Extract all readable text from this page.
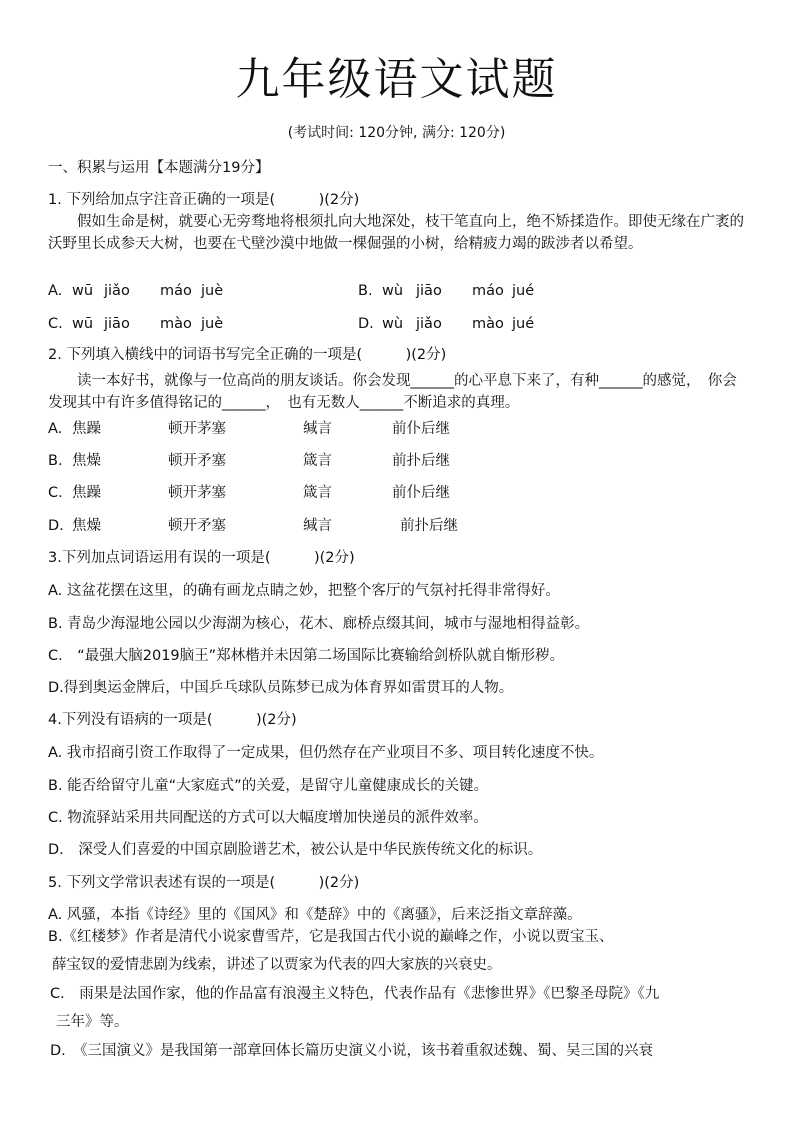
九年级语文试题
(考试时间: 120分钟, 满分: 120分)
一、积累与运用【本题满分19分】
1. 下列给加点字注音正确的一项是(　　　)(2分)
假如生命是树，就要心无旁骛地将根须扎向大地深处，枝干笔直向上，绝不矫揉造作。即使无缘在广袤的沃野里长成参天大树，也要在弋壁沙漠中地做一棵倔强的小树，给精疲力竭的跋涉者以希望。
A. wū jiǎo máo juè	B. wù jiāo máo jué
C. wū jiāo mào juè	D. wù jiǎo mào jué
2. 下列填入横线中的词语书写完全正确的一项是(　　　)(2分)
读一本好书，就像与一位高尚的朋友谈话。你会发现______的心平息下来了，有种______的感觉，　你会发现其中有许多值得铭记的______，　也有无数人______不断追求的真理。
A. 焦躁	顿开茅塞	缄言	前仆后继
B. 焦燥	顿开矛塞	箴言	前扑后继
C. 焦躁	顿开茅塞	箴言	前仆后继
D. 焦燥	顿开矛塞	缄言	前扑后继
3.下列加点词语运用有误的一项是(　　　)(2分)
A. 这盆花摆在这里，的确有画龙点睛之妙，把整个客厅的气氛衬托得非常得好。
B. 青岛少海湿地公园以少海湖为核心，花木、廊桥点缀其间，城市与湿地相得益彰。
C.　“最强大脑2019脑王”郑林楷并未因第二场国际比赛输给剑桥队就自惭形秽。
D.得到奥运金牌后，中国乒乓球队员陈梦已成为体育界如雷贯耳的人物。
4.下列没有语病的一项是(　　　)(2分)
A. 我市招商引资工作取得了一定成果，但仍然存在产业项目不多、项目转化速度不快。
B. 能否给留守儿童“大家庭式”的关爱，是留守儿童健康成长的关键。
C. 物流驿站采用共同配送的方式可以大幅度增加快递员的派件效率。
D.　深受人们喜爱的中国京剧脸谱艺术，被公认是中华民族传统文化的标识。
5. 下列文学常识表述有误的一项是(　　　)(2分)
A. 风骚，本指《诗经》里的《国风》和《楚辞》中的《离骚》，后来泛指文章辞藻。
B.《红楼梦》作者是清代小说家曹雪芹，它是我国古代小说的巅峰之作，小说以贾宝玉、
薛宝钗的爱情悲剧为线索，讲述了以贾家为代表的四大家族的兴衰史。
C.　雨果是法国作家，他的作品富有浪漫主义特色，代表作品有《悲惨世界》《巴黎圣母院》《九
三年》等。
D.　《三国演义》是我国第一部章回体长篇历史演义小说，该书着重叙述魏、蜀、吴三国的兴衰
